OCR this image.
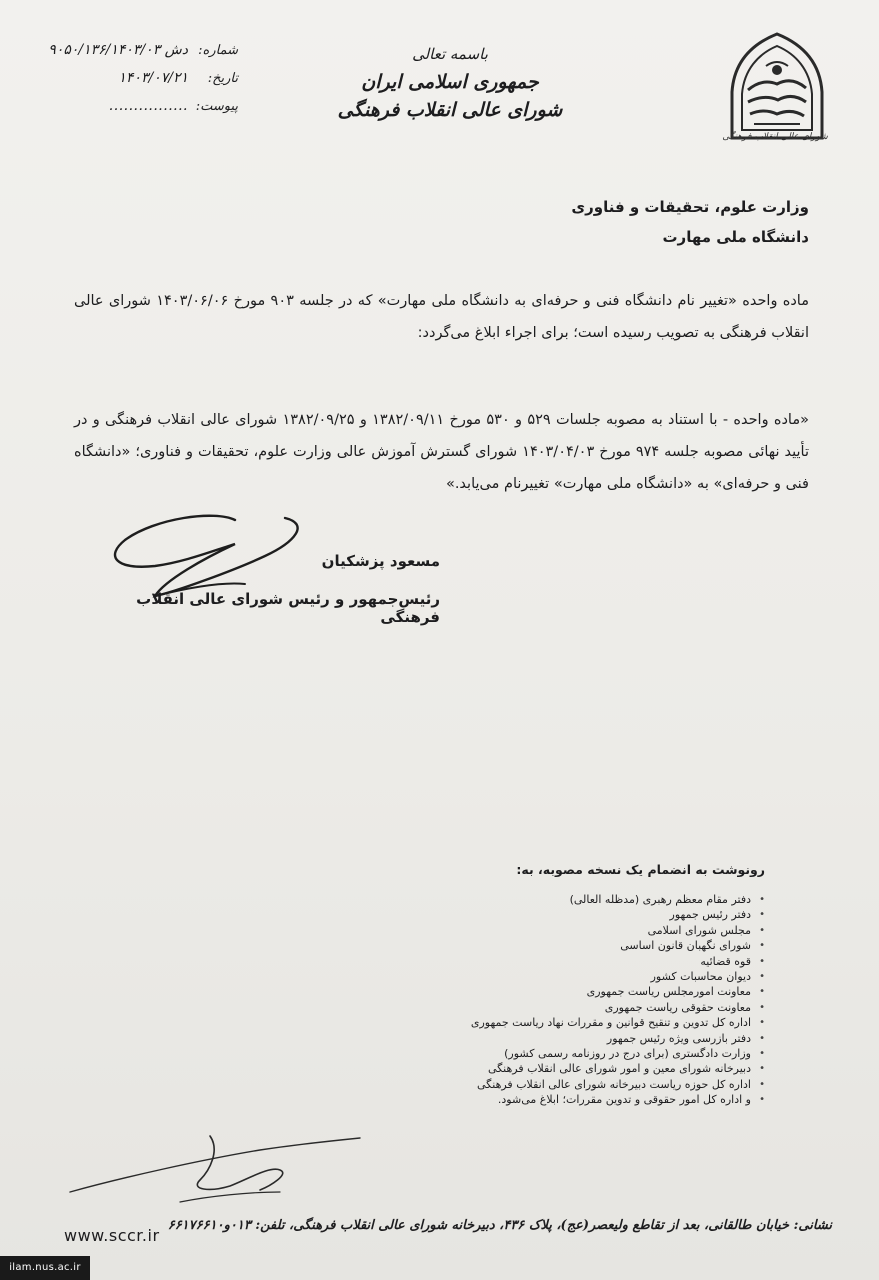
شورای عالی انقلاب فرهنگی
باسمه تعالی
جمهوری اسلامی ایران
شورای عالی انقلاب فرهنگی
شماره:
۹۰۵۰/۱۳۶/دش ۱۴۰۳/۰۳
تاریخ:
۱۴۰۳/۰۷/۲۱
پیوست:
................
وزارت علوم، تحقیقات و فناوری
دانشگاه ملی مهارت
ماده واحده «تغییر نام دانشگاه فنی و حرفه‌ای به دانشگاه ملی مهارت» که در جلسه ۹۰۳ مورخ ۱۴۰۳/۰۶/۰۶ شورای عالی انقلاب فرهنگی به تصویب رسیده است؛ برای اجراء ابلاغ می‌گردد:
«ماده واحده - با استناد به مصوبه جلسات ۵۲۹ و ۵۳۰ مورخ ۱۳۸۲/۰۹/۱۱ و ۱۳۸۲/۰۹/۲۵ شورای عالی انقلاب فرهنگی و در تأیید نهائی مصوبه جلسه ۹۷۴ مورخ ۱۴۰۳/۰۴/۰۳ شورای گسترش آموزش عالی وزارت علوم، تحقیقات و فناوری؛ «دانشگاه فنی و حرفه‌ای» به «دانشگاه ملی مهارت» تغییرنام می‌یابد.»
مسعود پزشکیان
رئیس‌جمهور و رئیس شورای عالی انقلاب فرهنگی
رونوشت به انضمام یک نسخه مصوبه، به:
• دفتر مقام معظم رهبری (مدظله العالی)
• دفتر رئیس جمهور
• مجلس شورای اسلامی
• شورای نگهبان قانون اساسی
• قوه قضائیه
• دیوان محاسبات کشور
• معاونت امورمجلس ریاست جمهوری
• معاونت حقوقی ریاست جمهوری
• اداره کل تدوین و تنقیح قوانین و مقررات نهاد ریاست جمهوری
• دفتر بازرسی ویژه رئیس جمهور
• وزارت دادگستری (برای درج در روزنامه رسمی کشور)
• دبیرخانه شورای معین و امور شورای عالی انقلاب فرهنگی
• اداره کل حوزه ریاست دبیرخانه شورای عالی انقلاب فرهنگی
• و اداره کل امور حقوقی و تدوین مقررات؛ ابلاغ می‌شود.
www.sccr.ir
نشانی: خیابان طالقانی، بعد از تقاطع ولیعصر(عج)، پلاک ۴۳۶، دبیرخانه شورای عالی انقلاب فرهنگی، تلفن: ۰۱۳و۶۶۱۷۶۶۱۰
ilam.nus.ac.ir
